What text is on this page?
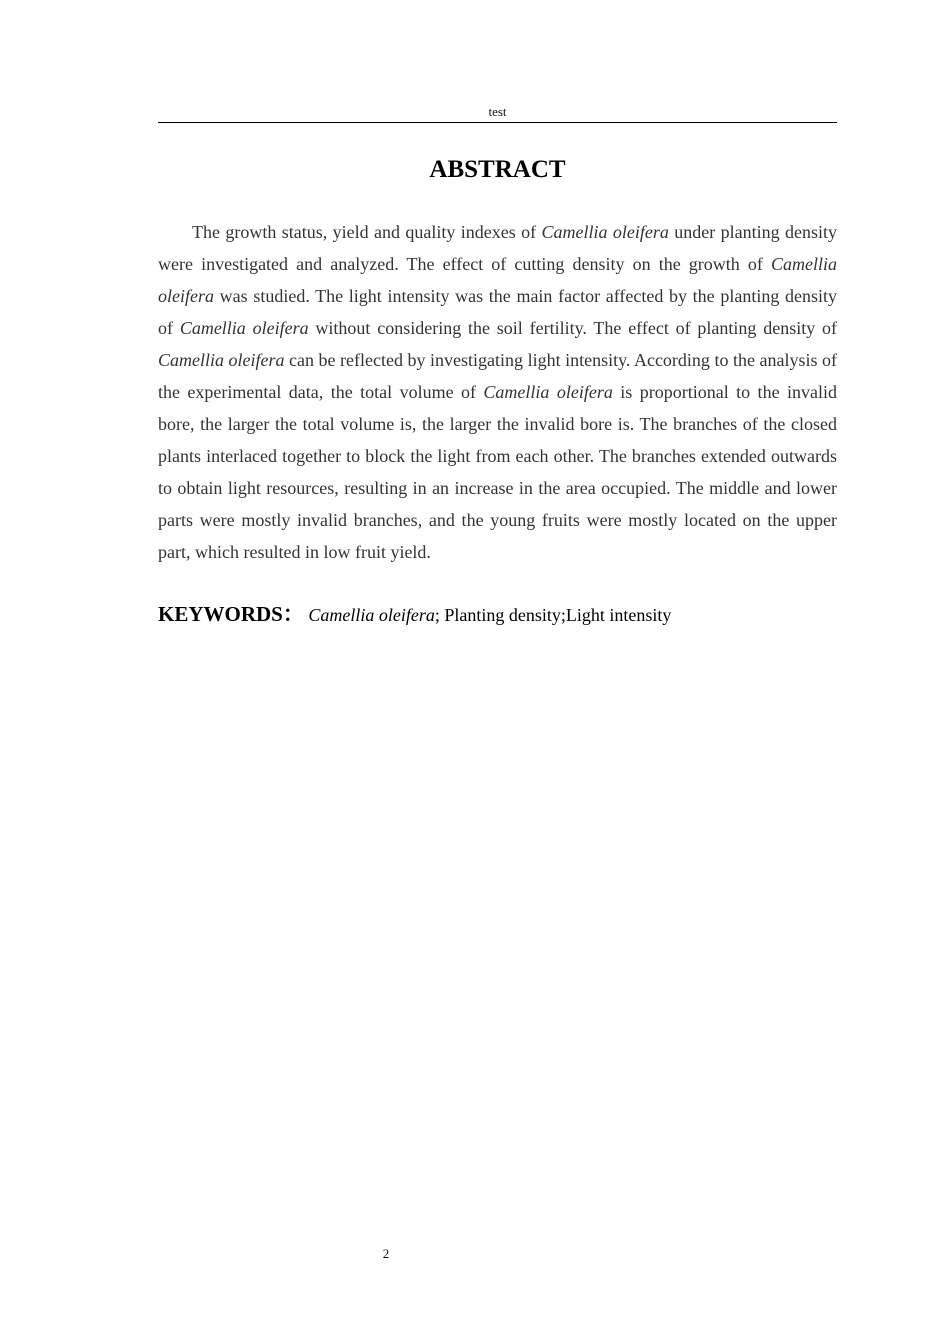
test
ABSTRACT

The growth status, yield and quality indexes of Camellia oleifera under planting density were investigated and analyzed. The effect of cutting density on the growth of Camellia oleifera was studied. The light intensity was the main factor affected by the planting density of Camellia oleifera without considering the soil fertility. The effect of planting density of Camellia oleifera can be reflected by investigating light intensity. According to the analysis of the experimental data, the total volume of Camellia oleifera is proportional to the invalid bore, the larger the total volume is, the larger the invalid bore is. The branches of the closed plants interlaced together to block the light from each other. The branches extended outwards to obtain light resources, resulting in an increase in the area occupied. The middle and lower parts were mostly invalid branches, and the young fruits were mostly located on the upper part, which resulted in low fruit yield.

KEYWORDS： Camellia oleifera; Planting density;Light intensity
2
